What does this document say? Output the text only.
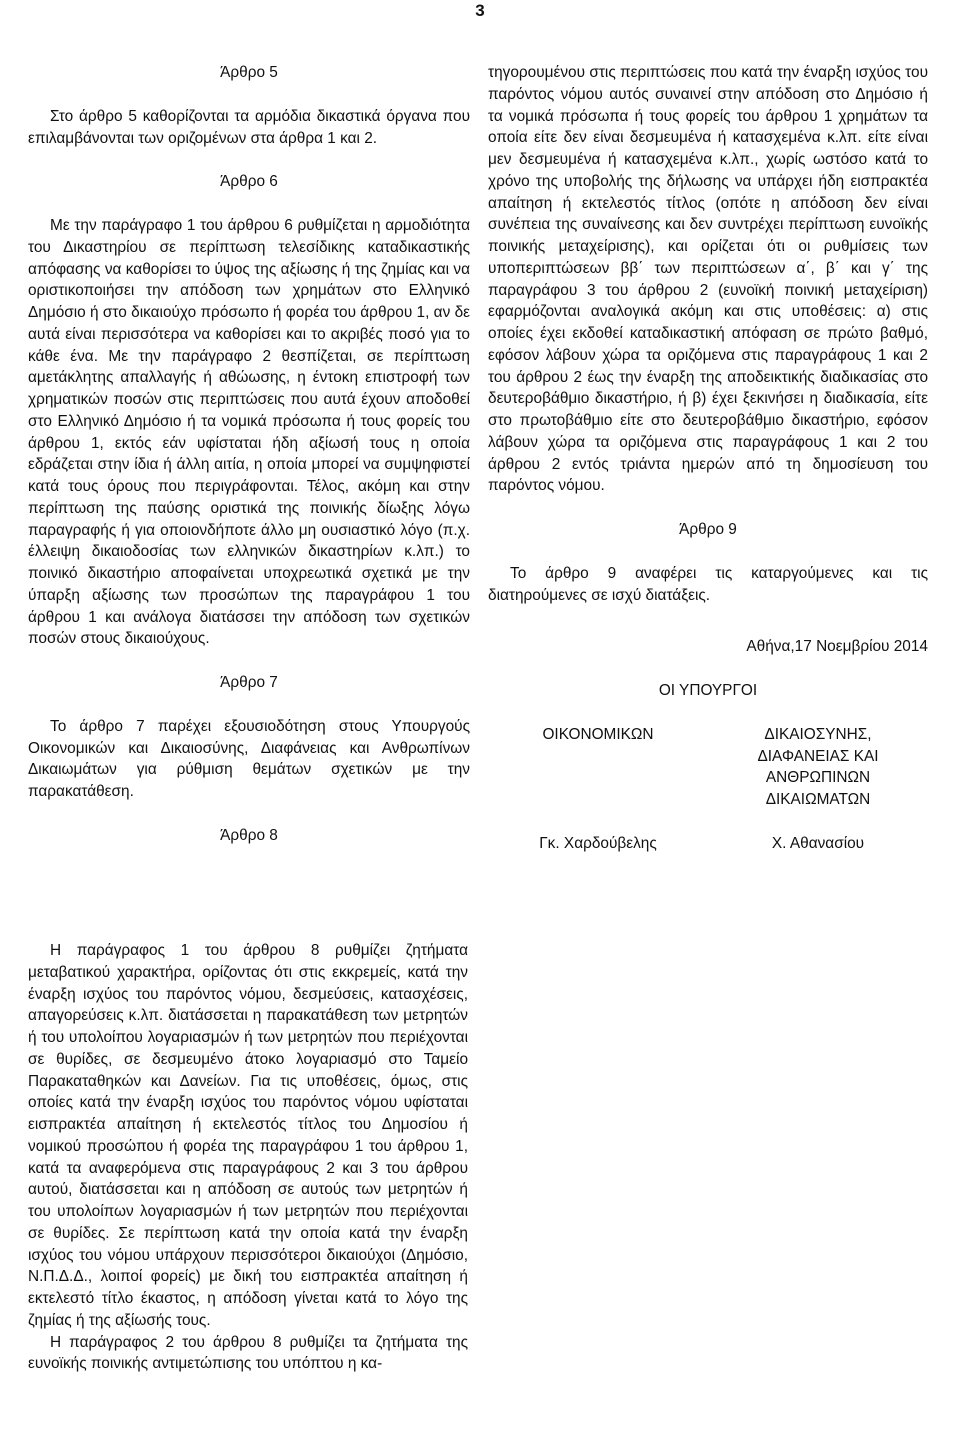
3

Άρθρο 5

Στο άρθρο 5 καθορίζονται τα αρμόδια δικαστικά όργανα που επιλαμβάνονται των οριζομένων στα άρθρα 1 και 2.

Άρθρο 6

Με την παράγραφο 1 του άρθρου 6 ρυθμίζεται η αρμοδιότητα του Δικαστηρίου σε περίπτωση τελεσίδικης καταδικαστικής απόφασης να καθορίσει το ύψος της αξίωσης ή της ζημίας και να οριστικοποιήσει την απόδοση των χρημάτων στο Ελληνικό Δημόσιο ή στο δικαιούχο πρόσωπο ή φορέα του άρθρου 1, αν δε αυτά είναι περισσότερα να καθορίσει και το ακριβές ποσό για το κάθε ένα. Με την παράγραφο 2 θεσπίζεται, σε περίπτωση αμετάκλητης απαλλαγής ή αθώωσης, η έντοκη επιστροφή των χρηματικών ποσών στις περιπτώσεις που αυτά έχουν αποδοθεί στο Ελληνικό Δημόσιο ή τα νομικά πρόσωπα ή τους φορείς του άρθρου 1, εκτός εάν υφίσταται ήδη αξίωσή τους η οποία εδράζεται στην ίδια ή άλλη αιτία, η οποία μπορεί να συμψηφιστεί κατά τους όρους που περιγράφονται. Τέλος, ακόμη και στην περίπτωση της παύσης οριστικά της ποινικής δίωξης λόγω παραγραφής ή για οποιονδήποτε άλλο μη ουσιαστικό λόγο (π.χ. έλλειψη δικαιοδοσίας των ελληνικών δικαστηρίων κ.λπ.) το ποινικό δικαστήριο αποφαίνεται υποχρεωτικά σχετικά με την ύπαρξη αξίωσης των προσώπων της παραγράφου 1 του άρθρου 1 και ανάλογα διατάσσει την απόδοση των σχετικών ποσών στους δικαιούχους.

Άρθρο 7

Το άρθρο 7 παρέχει εξουσιοδότηση στους Υπουργούς Οικονομικών και Δικαιοσύνης, Διαφάνειας και Ανθρωπίνων Δικαιωμάτων για ρύθμιση θεμάτων σχετικών με την παρακατάθεση.

Άρθρο 8

Η παράγραφος 1 του άρθρου 8 ρυθμίζει ζητήματα μεταβατικού χαρακτήρα, ορίζοντας ότι στις εκκρεμείς, κατά την έναρξη ισχύος του παρόντος νόμου, δεσμεύσεις, κατασχέσεις, απαγορεύσεις κ.λπ. διατάσσεται η παρακατάθεση των μετρητών ή του υπολοίπου λογαριασμών ή των μετρητών που περιέχονται σε θυρίδες, σε δεσμευμένο άτοκο λογαριασμό στο Ταμείο Παρακαταθηκών και Δανείων. Για τις υποθέσεις, όμως, στις οποίες κατά την έναρξη ισχύος του παρόντος νόμου υφίσταται εισπρακτέα απαίτηση ή εκτελεστός τίτλος του Δημοσίου ή νομικού προσώπου ή φορέα της παραγράφου 1 του άρθρου 1, κατά τα αναφερόμενα στις παραγράφους 2 και 3 του άρθρου αυτού, διατάσσεται και η απόδοση σε αυτούς των μετρητών ή του υπολοίπων λογαριασμών ή των μετρητών που περιέχονται σε θυρίδες. Σε περίπτωση κατά την οποία κατά την έναρξη ισχύος του νόμου υπάρχουν περισσότεροι δικαιούχοι (Δημόσιο, Ν.Π.Δ.Δ., λοιποί φορείς) με δική του εισπρακτέα απαίτηση ή εκτελεστό τίτλο έκαστος, η απόδοση γίνεται κατά το λόγο της ζημίας ή της αξίωσής τους.

Η παράγραφος 2 του άρθρου 8 ρυθμίζει τα ζητήματα της ευνοϊκής ποινικής αντιμετώπισης του υπόπτου η κα-

τηγορουμένου στις περιπτώσεις που κατά την έναρξη ισχύος του παρόντος νόμου αυτός συναινεί στην απόδοση στο Δημόσιο ή τα νομικά πρόσωπα ή τους φορείς του άρθρου 1 χρημάτων τα οποία είτε δεν είναι δεσμευμένα ή κατασχεμένα κ.λπ. είτε είναι μεν δεσμευμένα ή κατασχεμένα κ.λπ., χωρίς ωστόσο κατά το χρόνο της υποβολής της δήλωσης να υπάρχει ήδη εισπρακτέα απαίτηση ή εκτελεστός τίτλος (οπότε η απόδοση δεν είναι συνέπεια της συναίνεσης και δεν συντρέχει περίπτωση ευνοϊκής ποινικής μεταχείρισης), και ορίζεται ότι οι ρυθμίσεις των υποπεριπτώσεων ββ΄ των περιπτώσεων α΄, β΄ και γ΄ της παραγράφου 3 του άρθρου 2 (ευνοϊκή ποινική μεταχείριση) εφαρμόζονται αναλογικά ακόμη και στις υποθέσεις: α) στις οποίες έχει εκδοθεί καταδικαστική απόφαση σε πρώτο βαθμό, εφόσον λάβουν χώρα τα οριζόμενα στις παραγράφους 1 και 2 του άρθρου 2 έως την έναρξη της αποδεικτικής διαδικασίας στο δευτεροβάθμιο δικαστήριο, ή β) έχει ξεκινήσει η διαδικασία, είτε στο πρωτοβάθμιο είτε στο δευτεροβάθμιο δικαστήριο, εφόσον λάβουν χώρα τα οριζόμενα στις παραγράφους 1 και 2 του άρθρου 2 εντός τριάντα ημερών από τη δημοσίευση του παρόντος νόμου.

Άρθρο 9

Το άρθρο 9 αναφέρει τις καταργούμενες και τις διατηρούμενες σε ισχύ διατάξεις.

Αθήνα,17 Νοεμβρίου 2014

ΟΙ ΥΠΟΥΡΓΟΙ

ΟΙΚΟΝΟΜΙΚΩΝ	ΔΙΚΑΙΟΣΥΝΗΣ,
ΔΙΑΦΑΝΕΙΑΣ ΚΑΙ
ΑΝΘΡΩΠΙΝΩΝ
ΔΙΚΑΙΩΜΑΤΩΝ
Γκ. Χαρδούβελης	Χ. Αθανασίου
